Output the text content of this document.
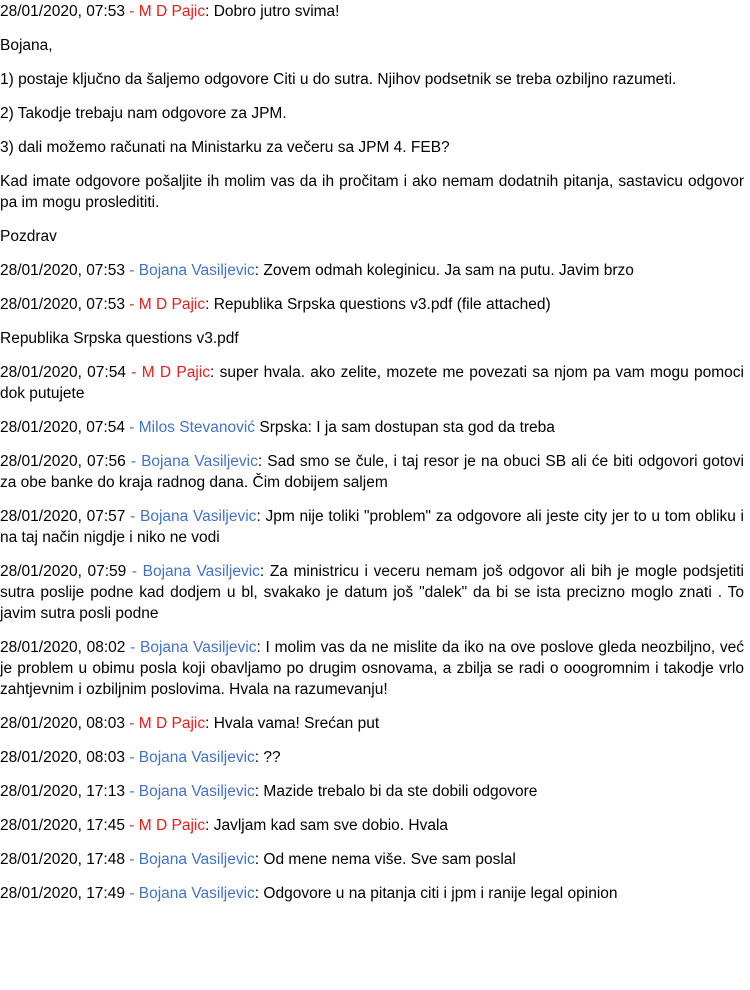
28/01/2020, 07:53 - M D Pajic: Dobro jutro svima!

Bojana,

1) postaje ključno da šaljemo odgovore Citi u do sutra. Njihov podsetnik se treba ozbiljno razumeti.

2) Takodje trebaju nam odgovore za JPM.

3) dali možemo računati na Ministarku za večeru sa JPM 4. FEB?

Kad imate odgovore pošaljite ih molim vas da ih pročitam i ako nemam dodatnih pitanja, sastavicu odgovor pa im mogu prosledititi.

Pozdrav

28/01/2020, 07:53 - Bojana Vasiljevic: Zovem odmah koleginicu. Ja sam na putu. Javim brzo

28/01/2020, 07:53 - M D Pajic: Republika Srpska questions v3.pdf (file attached)

Republika Srpska questions v3.pdf

28/01/2020, 07:54 - M D Pajic: super hvala. ako zelite, mozete me povezati sa njom pa vam mogu pomoci dok putujete

28/01/2020, 07:54 - Milos Stevanović Srpska: I ja sam dostupan sta god da treba

28/01/2020, 07:56 - Bojana Vasiljevic: Sad smo se čule, i taj resor je na obuci SB ali će biti odgovori gotovi za obe banke do kraja radnog dana. Čim dobijem saljem

28/01/2020, 07:57 - Bojana Vasiljevic: Jpm nije toliki "problem" za odgovore ali jeste city jer to u tom obliku i na taj način nigdje i niko ne vodi

28/01/2020, 07:59 - Bojana Vasiljevic: Za ministricu i veceru nemam još odgovor ali bih je mogle podsjetiti sutra poslije podne kad dodjem u bl, svakako je datum još "dalek" da bi se ista precizno moglo znati . To javim sutra posli podne

28/01/2020, 08:02 - Bojana Vasiljevic: I molim vas da ne mislite da iko na ove poslove gleda neozbiljno, već je problem u obimu posla koji obavljamo po drugim osnovama, a zbilja se radi o ooogromnim i takodje vrlo zahtjevnim i ozbiljnim poslovima. Hvala na razumevanju!

28/01/2020, 08:03 - M D Pajic: Hvala vama! Srećan put

28/01/2020, 08:03 - Bojana Vasiljevic: ??

28/01/2020, 17:13 - Bojana Vasiljevic: Mazide trebalo bi da ste dobili odgovore

28/01/2020, 17:45 - M D Pajic: Javljam kad sam sve dobio. Hvala

28/01/2020, 17:48 - Bojana Vasiljevic: Od mene nema više. Sve sam poslal

28/01/2020, 17:49 - Bojana Vasiljevic: Odgovore u na pitanja citi i jpm i ranije legal opinion
